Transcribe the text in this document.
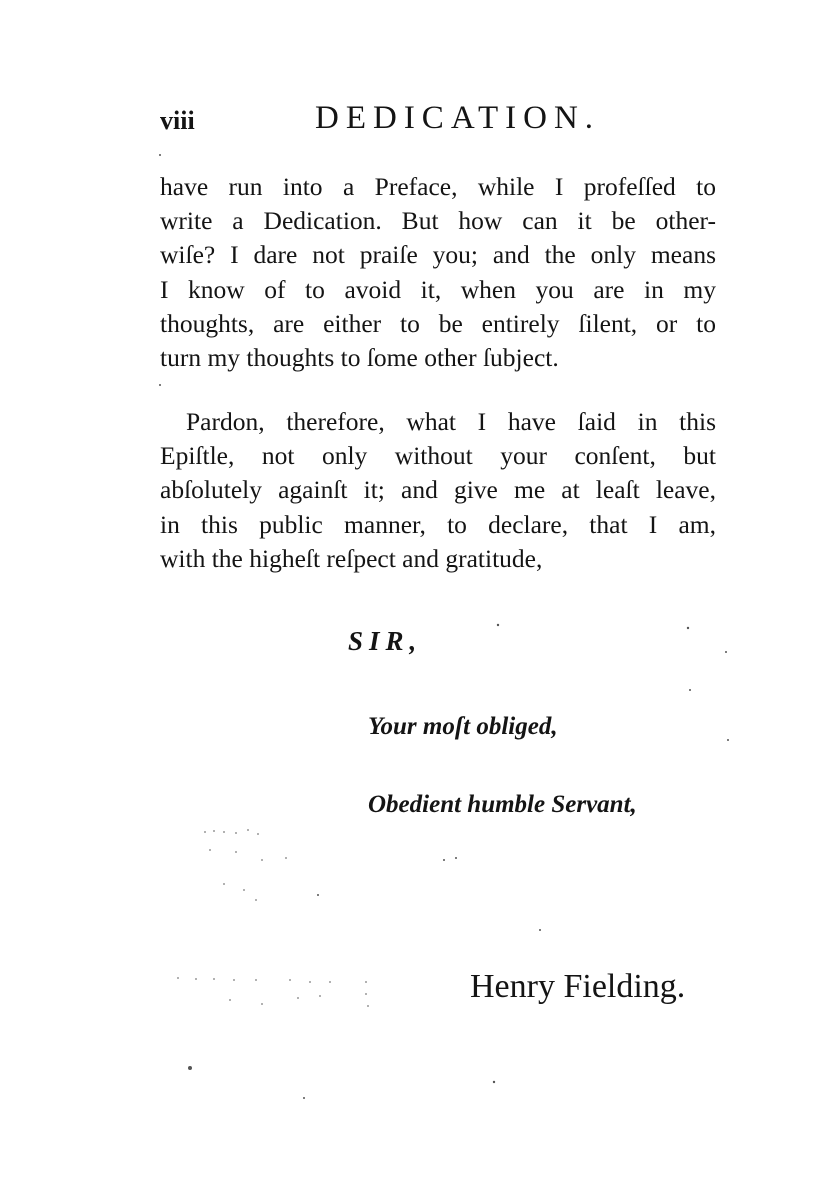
viii	DEDICATION.

have run into a Preface, while I profeſſed to
write a Dedication. But how can it be other-
wiſe? I dare not praiſe you; and the only means
I know of to avoid it, when you are in my
thoughts, are either to be entirely ſilent, or to
turn my thoughts to ſome other ſubject.

Pardon, therefore, what I have ſaid in this
Epiſtle, not only without your conſent, but
abſolutely againſt it; and give me at leaſt leave,
in this public manner, to declare, that I am,
with the higheſt reſpect and gratitude,

SIR,
Your moſt obliged,
Obedient humble Servant,
Henry Fielding.
